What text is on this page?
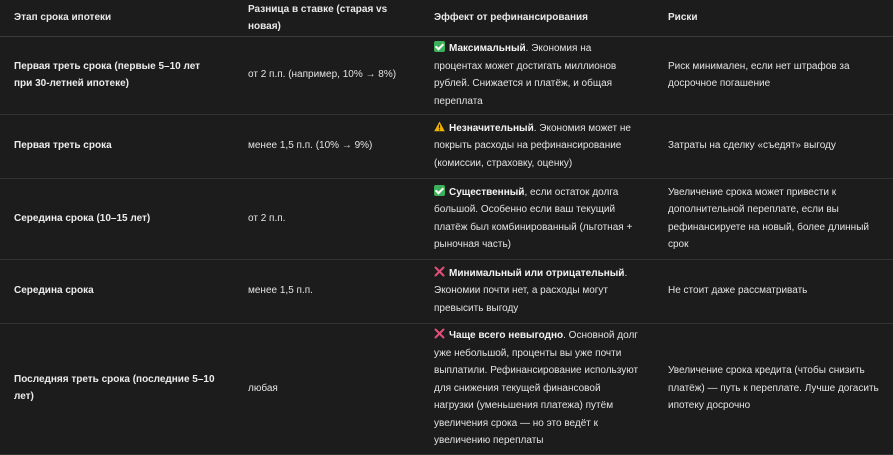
Этап срока ипотеки	Разница в ставке (старая vs новая)	Эффект от рефинансирования	Риски
Первая треть срока (первые 5–10 лет при 30-летней ипотеке)	от 2 п.п. (например, 10% → 8%)	Максимальный. Экономия на процентах может достигать миллионов рублей. Снижается и платёж, и общая переплата	Риск минимален, если нет штрафов за досрочное погашение
Первая треть срока	менее 1,5 п.п. (10% → 9%)	Незначительный. Экономия может не покрыть расходы на рефинансирование (комиссии, страховку, оценку)	Затраты на сделку «съедят» выгоду
Середина срока (10–15 лет)	от 2 п.п.	Существенный, если остаток долга большой. Особенно если ваш текущий платёж был комбинированный (льготная + рыночная часть)	Увеличение срока может привести к дополнительной переплате, если вы рефинансируете на новый, более длинный срок
Середина срока	менее 1,5 п.п.	Минимальный или отрицательный. Экономии почти нет, а расходы могут превысить выгоду	Не стоит даже рассматривать
Последняя треть срока (последние 5–10 лет)	любая	Чаще всего невыгодно. Основной долг уже небольшой, проценты вы уже почти выплатили. Рефинансирование используют для снижения текущей финансовой нагрузки (уменьшения платежа) путём увеличения срока — но это ведёт к увеличению переплаты	Увеличение срока кредита (чтобы снизить платёж) — путь к переплате. Лучше догасить ипотеку досрочно
